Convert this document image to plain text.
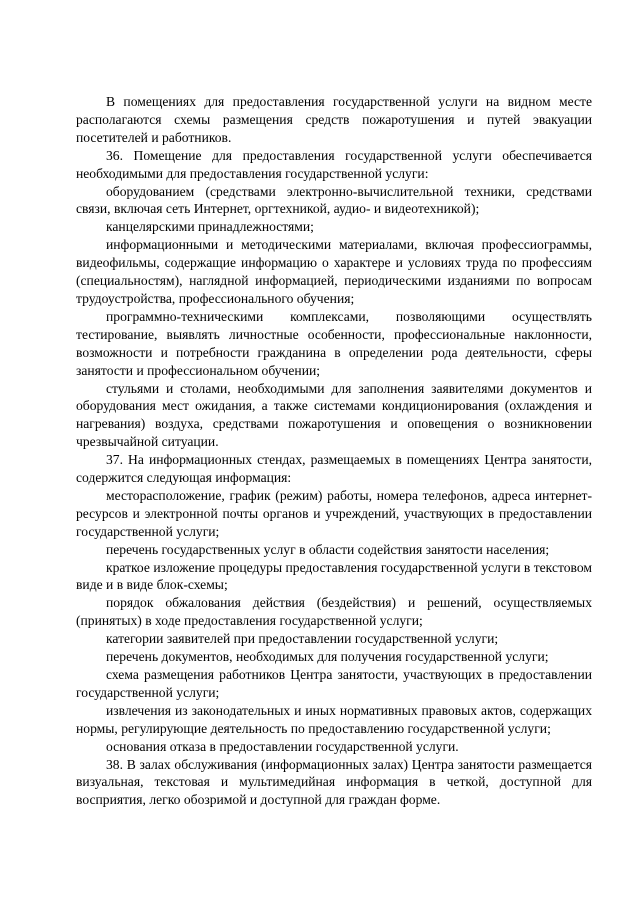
В помещениях для предоставления государственной услуги на видном месте располагаются схемы размещения средств пожаротушения и путей эвакуации посетителей и работников.

36. Помещение для предоставления государственной услуги обеспечивается необходимыми для предоставления государственной услуги:

оборудованием (средствами электронно-вычислительной техники, средствами связи, включая сеть Интернет, оргтехникой, аудио- и видеотехникой);

канцелярскими принадлежностями;

информационными и методическими материалами, включая профессиограммы, видеофильмы, содержащие информацию о характере и условиях труда по профессиям (специальностям), наглядной информацией, периодическими изданиями по вопросам трудоустройства, профессионального обучения;

программно-техническими комплексами, позволяющими осуществлять тестирование, выявлять личностные особенности, профессиональные наклонности, возможности и потребности гражданина в определении рода деятельности, сферы занятости и профессиональном обучении;

стульями и столами, необходимыми для заполнения заявителями документов и оборудования мест ожидания, а также системами кондиционирования (охлаждения и нагревания) воздуха, средствами пожаротушения и оповещения о возникновении чрезвычайной ситуации.

37. На информационных стендах, размещаемых в помещениях Центра занятости, содержится следующая информация:

месторасположение, график (режим) работы, номера телефонов, адреса интернет-ресурсов и электронной почты органов и учреждений, участвующих в предоставлении государственной услуги;

перечень государственных услуг в области содействия занятости населения;

краткое изложение процедуры предоставления государственной услуги в текстовом виде и в виде блок-схемы;

порядок обжалования действия (бездействия) и решений, осуществляемых (принятых) в ходе предоставления государственной услуги;

категории заявителей при предоставлении государственной услуги;

перечень документов, необходимых для получения государственной услуги;

схема размещения работников Центра занятости, участвующих в предоставлении государственной услуги;

извлечения из законодательных и иных нормативных правовых актов, содержащих нормы, регулирующие деятельность по предоставлению государственной услуги;

основания отказа в предоставлении государственной услуги.

38. В залах обслуживания (информационных залах) Центра занятости размещается визуальная, текстовая и мультимедийная информация в четкой, доступной для восприятия, легко обозримой и доступной для граждан форме.
